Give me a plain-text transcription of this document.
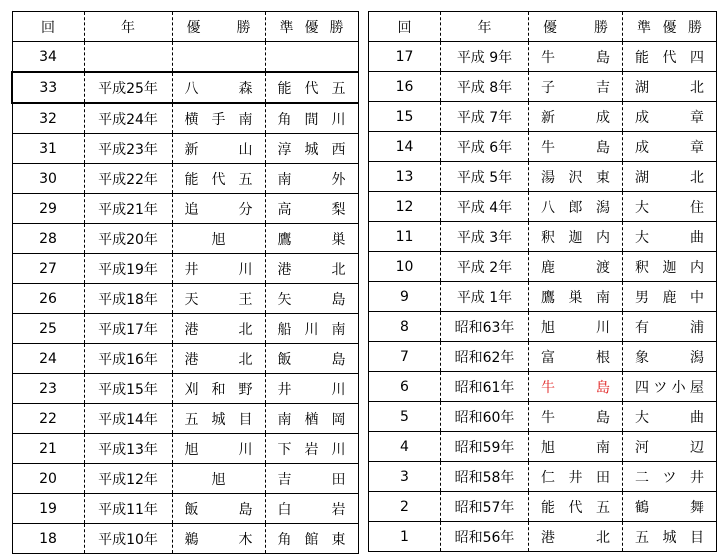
回	年	優 勝	準 優 勝

34			
33	平成25年	八 森	能 代 五

32	平成24年	横 手 南	角 間 川

31	平成23年	新 山	淳 城 西

30	平成22年	能 代 五	南 外

29	平成21年	追 分	高 梨

28	平成20年	旭	鷹 巣

27	平成19年	井 川	港 北

26	平成18年	天 王	矢 島

25	平成17年	港 北	船 川 南

24	平成16年	港 北	飯 島

23	平成15年	刈 和 野	井 川

22	平成14年	五 城 目	南 楢 岡

21	平成13年	旭 川	下 岩 川

20	平成12年	旭	吉 田

19	平成11年	飯 島	白 岩

18	平成10年	鵜 木	角 館 東
回	年	優 勝	準 優 勝

17	平成 9年	牛 島	能 代 四

16	平成 8年	子 吉	湖 北

15	平成 7年	新 成	成 章

14	平成 6年	牛 島	成 章

13	平成 5年	湯 沢 東	湖 北

12	平成 4年	八 郎 潟	大 住

11	平成 3年	釈 迦 内	大 曲

10	平成 2年	鹿 渡	釈 迦 内

9	平成 1年	鷹 巣 南	男 鹿 中

8	昭和63年	旭 川	有 浦

7	昭和62年	富 根	象 潟

6	昭和61年	牛 島	四 ツ 小 屋

5	昭和60年	牛 島	大 曲

4	昭和59年	旭 南	河 辺

3	昭和58年	仁 井 田	二 ツ 井

2	昭和57年	能 代 五	鶴 舞

1	昭和56年	港 北	五 城 目
